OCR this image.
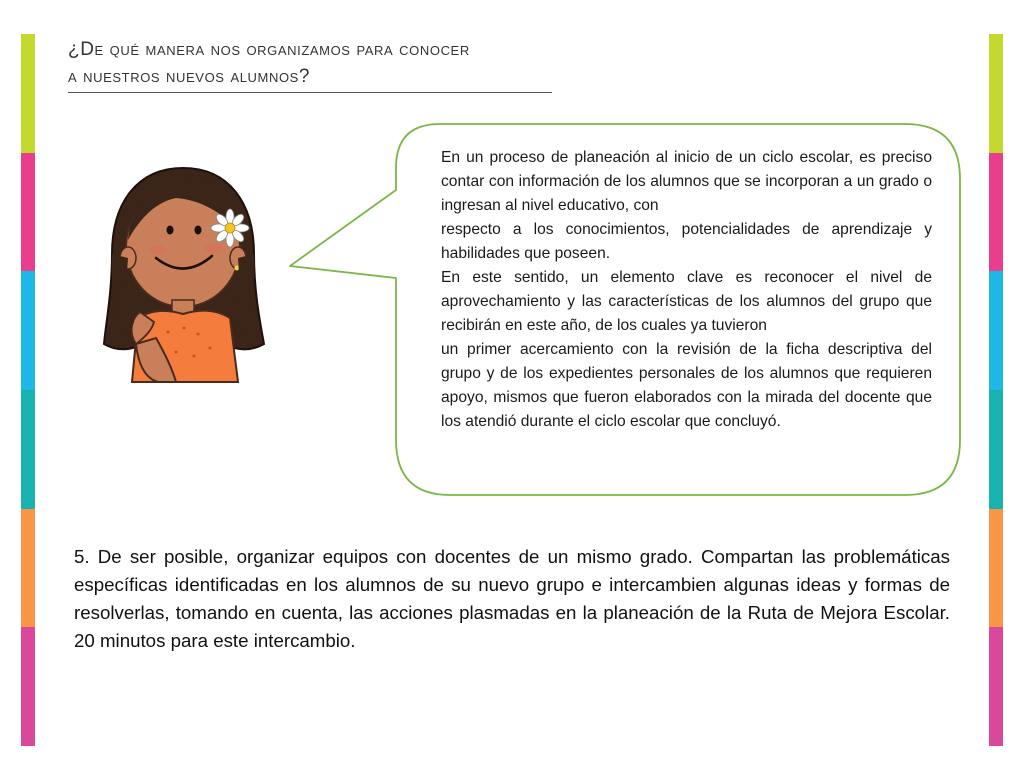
¿De qué manera nos organizamos para conocer
a nuestros nuevos alumnos?

En un proceso de planeación al inicio de un ciclo escolar, es preciso contar con información de los alumnos que se incorporan a un grado o ingresan al nivel educativo, con

respecto a los conocimientos, potencialidades de aprendizaje y habilidades que poseen.

En este sentido, un elemento clave es reconocer el nivel de aprovechamiento y las características de los alumnos del grupo que recibirán en este año, de los cuales ya tuvieron

un primer acercamiento con la revisión de la ficha descriptiva del grupo y de los expedientes personales de los alumnos que requieren apoyo, mismos que fueron elaborados con la mirada del docente que los atendió durante el ciclo escolar que concluyó.

5. De ser posible, organizar equipos con docentes de un mismo grado. Compartan las problemáticas específicas identificadas en los alumnos de su nuevo grupo e intercambien algunas ideas y formas de resolverlas, tomando en cuenta, las acciones plasmadas en la planeación de la Ruta de Mejora Escolar. 20 minutos para este intercambio.
